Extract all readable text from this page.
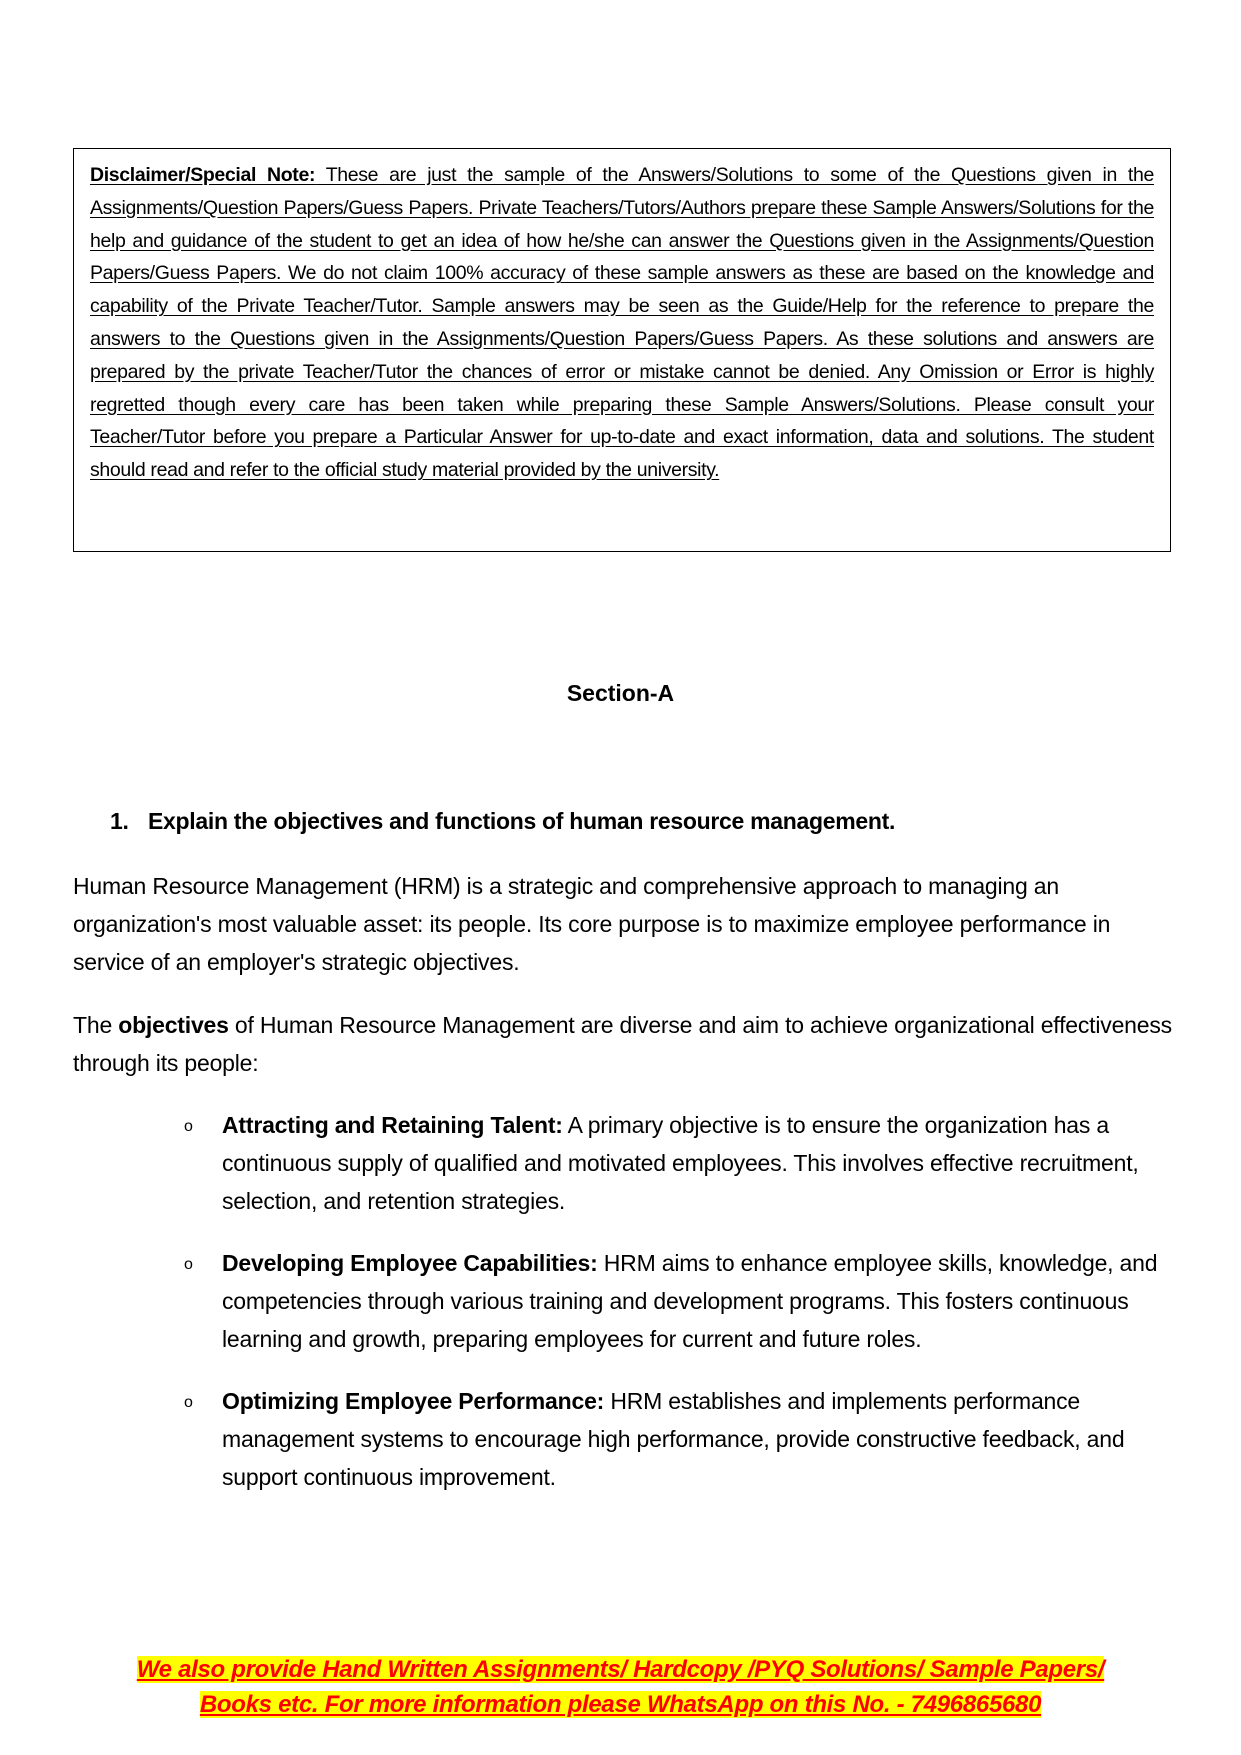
Disclaimer/Special Note: These are just the sample of the Answers/Solutions to some of the Questions given in the Assignments/Question Papers/Guess Papers. Private Teachers/Tutors/Authors prepare these Sample Answers/Solutions for the help and guidance of the student to get an idea of how he/she can answer the Questions given in the Assignments/Question Papers/Guess Papers. We do not claim 100% accuracy of these sample answers as these are based on the knowledge and capability of the Private Teacher/Tutor. Sample answers may be seen as the Guide/Help for the reference to prepare the answers to the Questions given in the Assignments/Question Papers/Guess Papers. As these solutions and answers are prepared by the private Teacher/Tutor the chances of error or mistake cannot be denied. Any Omission or Error is highly regretted though every care has been taken while preparing these Sample Answers/Solutions. Please consult your Teacher/Tutor before you prepare a Particular Answer for up-to-date and exact information, data and solutions. The student should read and refer to the official study material provided by the university.

Section-A
1. Explain the objectives and functions of human resource management.
Human Resource Management (HRM) is a strategic and comprehensive approach to managing an organization's most valuable asset: its people. Its core purpose is to maximize employee performance in service of an employer's strategic objectives.
The objectives of Human Resource Management are diverse and aim to achieve organizational effectiveness through its people:
o Attracting and Retaining Talent: A primary objective is to ensure the organization has a continuous supply of qualified and motivated employees. This involves effective recruitment, selection, and retention strategies.
o Developing Employee Capabilities: HRM aims to enhance employee skills, knowledge, and competencies through various training and development programs. This fosters continuous learning and growth, preparing employees for current and future roles.
o Optimizing Employee Performance: HRM establishes and implements performance management systems to encourage high performance, provide constructive feedback, and support continuous improvement.
We also provide Hand Written Assignments/ Hardcopy /PYQ Solutions/ Sample Papers/
Books etc. For more information please WhatsApp on this No. - 7496865680
